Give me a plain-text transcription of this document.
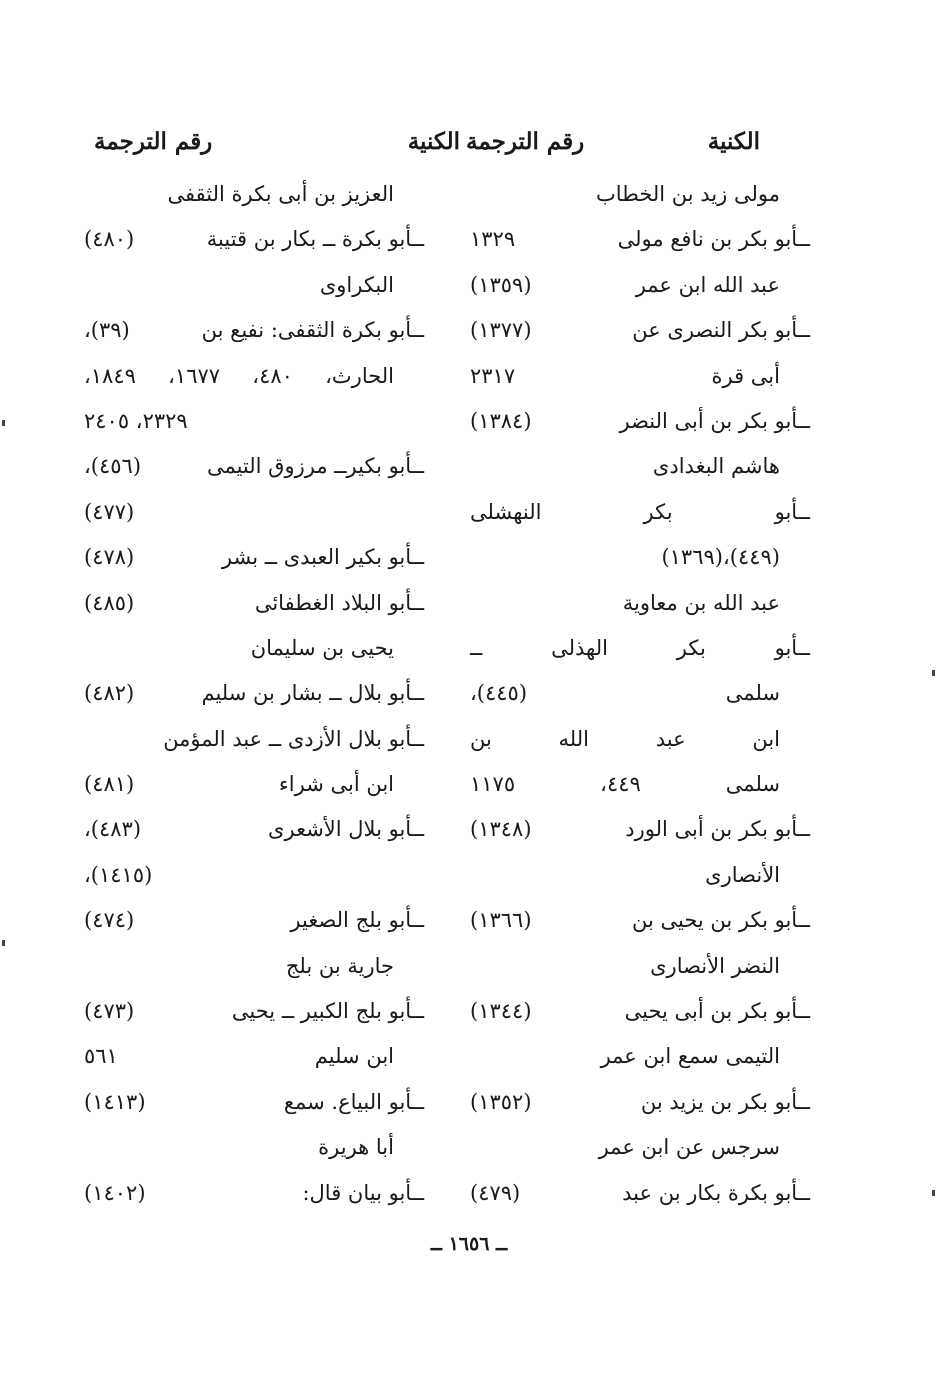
الكنية
رقم الترجمة
مولى زيد بن الخطاب
ــأبو بكر بن نافع مولى
١٣٢٩
عبد الله ابن عمر
(١٣٥٩)
ــأبو بكر النصرى عن
(١٣٧٧)
أبى قرة
٢٣١٧
ــأبو بكر بن أبى النضر
(١٣٨٤)
هاشم البغدادى
ــأبو بكر النهشلى
(٤٤٩)،(١٣٦٩)
عبد الله بن معاوية
ــأبو بكر الهذلى ــ
سلمى (٤٤٥)،
ابن عبد الله بن
سلمى ٤٤٩، ١١٧٥
ــأبو بكر بن أبى الورد
(١٣٤٨)
الأنصارى
ــأبو بكر بن يحيى بن
(١٣٦٦)
النضر الأنصارى
ــأبو بكر بن أبى يحيى
(١٣٤٤)
التيمى سمع ابن عمر
ــأبو بكر بن يزيد بن
(١٣٥٢)
سرجس عن ابن عمر
ــأبو بكرة بكار بن عبد
(٤٧٩)
الكنية
رقم الترجمة
العزيز بن أبى بكرة الثقفى
ــأبو بكرة ــ بكار بن قتيبة
(٤٨٠)
البكراوى
ــأبو بكرة الثقفى: نفيع بن
(٣٩)،
الحارث، ٤٨٠، ١٦٧٧، ١٨٤٩،
٢٣٢٩، ٢٤٠٥
ــأبو بكيرــ مرزوق التيمى
(٤٥٦)،
(٤٧٧)
ــأبو بكير العبدى ــ بشر
(٤٧٨)
ــأبو البلاد الغطفائى
(٤٨٥)
يحيى بن سليمان
ــأبو بلال ــ بشار بن سليم
(٤٨٢)
ــأبو بلال الأزدى ــ عبد المؤمن
ابن أبى شراء
(٤٨١)
ــأبو بلال الأشعرى
(٤٨٣)،
(١٤١٥)،
ــأبو بلج الصغير
(٤٧٤)
جارية بن بلج
ــأبو بلج الكبير ــ يحيى
(٤٧٣)
ابن سليم
٥٦١
ــأبو البياع. سمع
(١٤١٣)
أبا هريرة
ــأبو بيان قال:
(١٤٠٢)
ــ ١٦٥٦ ــ
